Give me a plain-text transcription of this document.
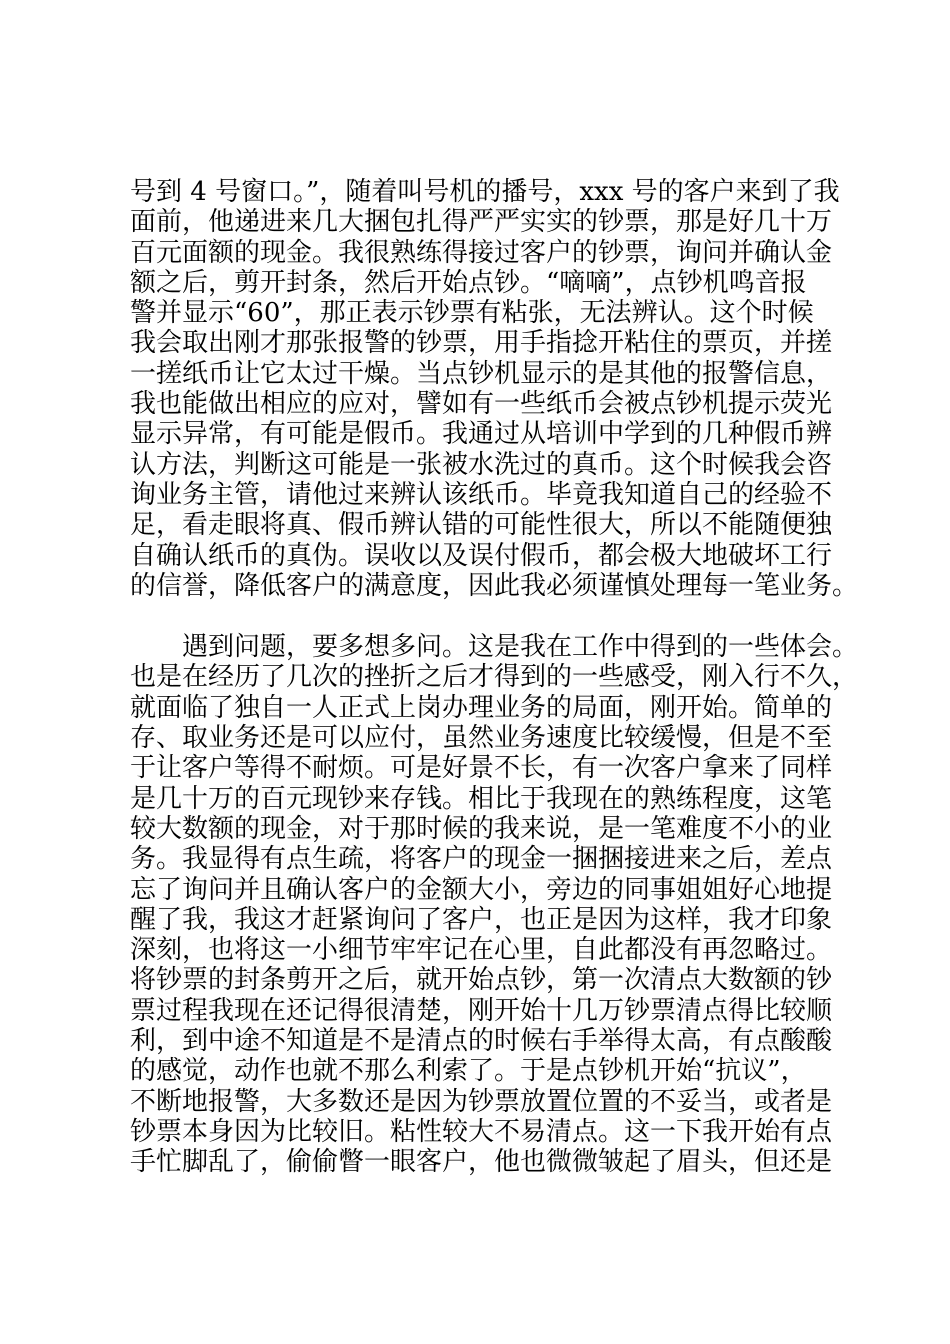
号到 4 号窗口。”，随着叫号机的播号，xxx 号的客户来到了我
面前，他递进来几大捆包扎得严严实实的钞票，那是好几十万
百元面额的现金。我很熟练得接过客户的钞票，询问并确认金
额之后，剪开封条，然后开始点钞。“嘀嘀”，点钞机鸣音报
警并显示“60”，那正表示钞票有粘张，无法辨认。这个时候
我会取出刚才那张报警的钞票，用手指捻开粘住的票页，并搓
一搓纸币让它太过干燥。当点钞机显示的是其他的报警信息，
我也能做出相应的应对，譬如有一些纸币会被点钞机提示荧光
显示异常，有可能是假币。我通过从培训中学到的几种假币辨
认方法，判断这可能是一张被水洗过的真币。这个时候我会咨
询业务主管，请他过来辨认该纸币。毕竟我知道自己的经验不
足，看走眼将真、假币辨认错的可能性很大，所以不能随便独
自确认纸币的真伪。误收以及误付假币，都会极大地破坏工行
的信誉，降低客户的满意度，因此我必须谨慎处理每一笔业务。
　　遇到问题，要多想多问。这是我在工作中得到的一些体会。
也是在经历了几次的挫折之后才得到的一些感受，刚入行不久，
就面临了独自一人正式上岗办理业务的局面，刚开始。简单的
存、取业务还是可以应付，虽然业务速度比较缓慢，但是不至
于让客户等得不耐烦。可是好景不长，有一次客户拿来了同样
是几十万的百元现钞来存钱。相比于我现在的熟练程度，这笔
较大数额的现金，对于那时候的我来说，是一笔难度不小的业
务。我显得有点生疏，将客户的现金一捆捆接进来之后，差点
忘了询问并且确认客户的金额大小，旁边的同事姐姐好心地提
醒了我，我这才赶紧询问了客户，也正是因为这样，我才印象
深刻，也将这一小细节牢牢记在心里，自此都没有再忽略过。
将钞票的封条剪开之后，就开始点钞，第一次清点大数额的钞
票过程我现在还记得很清楚，刚开始十几万钞票清点得比较顺
利，到中途不知道是不是清点的时候右手举得太高，有点酸酸
的感觉，动作也就不那么利索了。于是点钞机开始“抗议”，
不断地报警，大多数还是因为钞票放置位置的不妥当，或者是
钞票本身因为比较旧。粘性较大不易清点。这一下我开始有点
手忙脚乱了，偷偷瞥一眼客户，他也微微皱起了眉头，但还是
